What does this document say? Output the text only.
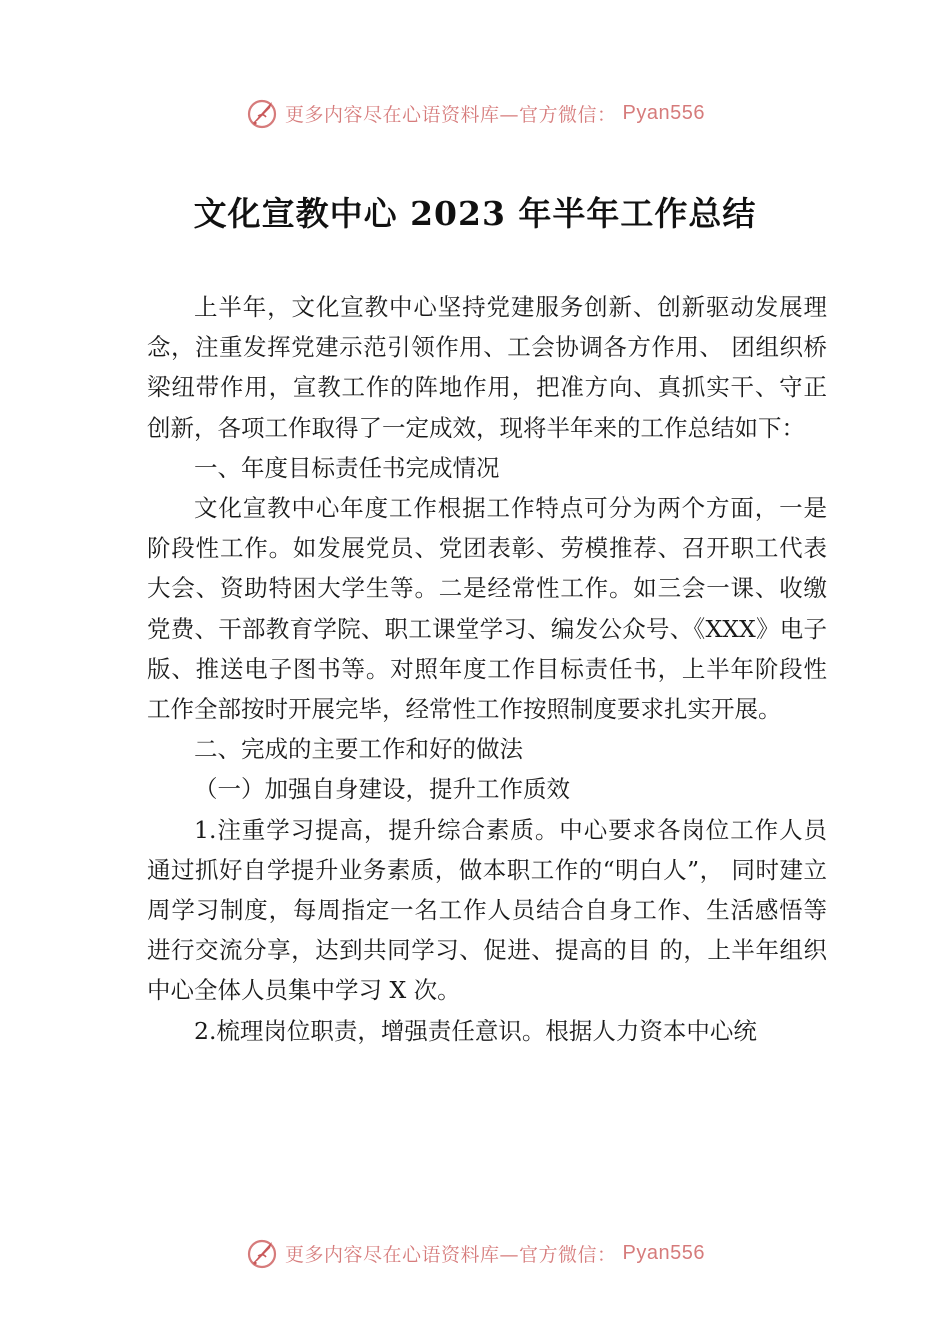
更多内容尽在心语资料库—官方微信： Pyan556
文化宣教中心 2023 年半年工作总结

上半年，文化宣教中心坚持党建服务创新、创新驱动发展理念，注重发挥党建示范引领作用、工会协调各方作用、 团组织桥梁纽带作用，宣教工作的阵地作用，把准方向、真抓实干、守正创新，各项工作取得了一定成效，现将半年来的工作总结如下：

一、年度目标责任书完成情况

文化宣教中心年度工作根据工作特点可分为两个方面，一是阶段性工作。如发展党员、党团表彰、劳模推荐、召开职工代表大会、资助特困大学生等。二是经常性工作。如三会一课、收缴党费、干部教育学院、职工课堂学习、编发公众号、《XXX》电子版、推送电子图书等。对照年度工作目标责任书，上半年阶段性工作全部按时开展完毕，经常性工作按照制度要求扎实开展。

二、完成的主要工作和好的做法

（一）加强自身建设，提升工作质效

1.注重学习提高，提升综合素质。中心要求各岗位工作人员通过抓好自学提升业务素质，做本职工作的“明白人”， 同时建立周学习制度，每周指定一名工作人员结合自身工作、生活感悟等进行交流分享，达到共同学习、促进、提高的目 的，上半年组织中心全体人员集中学习 X 次。

2.梳理岗位职责，增强责任意识。根据人力资本中心统

更多内容尽在心语资料库—官方微信： Pyan556
